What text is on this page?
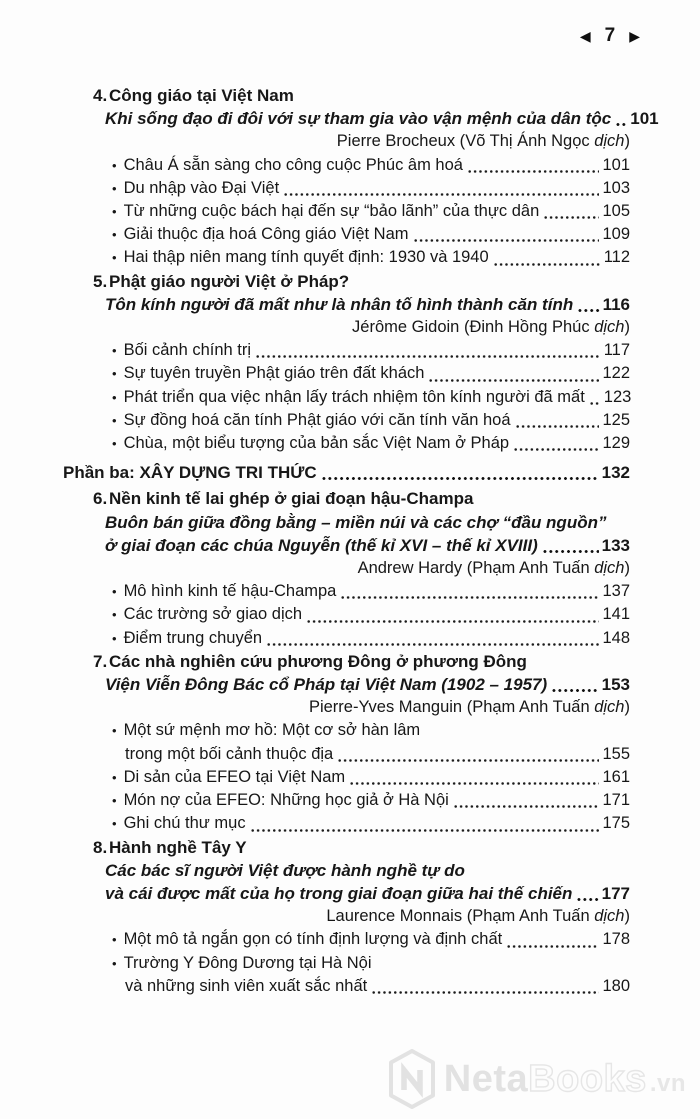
◀ 7 ▶
4. Công giáo tại Việt Nam
Khi sống đạo đi đôi với sự tham gia vào vận mệnh của dân tộc 101
Pierre Brocheux (Võ Thị Ánh Ngọc dịch)
• Châu Á sẵn sàng cho công cuộc Phúc âm hoá	101
• Du nhập vào Đại Việt	103
• Từ những cuộc bách hại đến sự “bảo lãnh” của thực dân	105
• Giải thuộc địa hoá Công giáo Việt Nam	109
• Hai thập niên mang tính quyết định: 1930 và 1940	112
5. Phật giáo người Việt ở Pháp?
Tôn kính người đã mất như là nhân tố hình thành căn tính 116
Jérôme Gidoin (Đinh Hồng Phúc dịch)
• Bối cảnh chính trị	117
• Sự tuyên truyền Phật giáo trên đất khách	122
• Phát triển qua việc nhận lấy trách nhiệm tôn kính người đã mất 123
• Sự đồng hoá căn tính Phật giáo với căn tính văn hoá	125
• Chùa, một biểu tượng của bản sắc Việt Nam ở Pháp	129
Phần ba: XÂY DỰNG TRI THỨC	132
6. Nền kinh tế lai ghép ở giai đoạn hậu-Champa
Buôn bán giữa đồng bằng – miền núi và các chợ “đầu nguồn”
ở giai đoạn các chúa Nguyễn (thế kỉ XVI – thế kỉ XVIII)	133
Andrew Hardy (Phạm Anh Tuấn dịch)
• Mô hình kinh tế hậu-Champa	137
• Các trường sở giao dịch	141
• Điểm trung chuyển	148
7. Các nhà nghiên cứu phương Đông ở phương Đông
Viện Viễn Đông Bác cổ Pháp tại Việt Nam (1902 – 1957)	153
Pierre-Yves Manguin (Phạm Anh Tuấn dịch)
• Một sứ mệnh mơ hồ: Một cơ sở hàn lâm
trong một bối cảnh thuộc địa	155
• Di sản của EFEO tại Việt Nam	161
• Món nợ của EFEO: Những học giả ở Hà Nội	171
• Ghi chú thư mục	175
8. Hành nghề Tây Y
Các bác sĩ người Việt được hành nghề tự do
và cái được mất của họ trong giai đoạn giữa hai thế chiến 177
Laurence Monnais (Phạm Anh Tuấn dịch)
• Một mô tả ngắn gọn có tính định lượng và định chất	178
• Trường Y Đông Dương tại Hà Nội
và những sinh viên xuất sắc nhất	180
Neta Books .vn
